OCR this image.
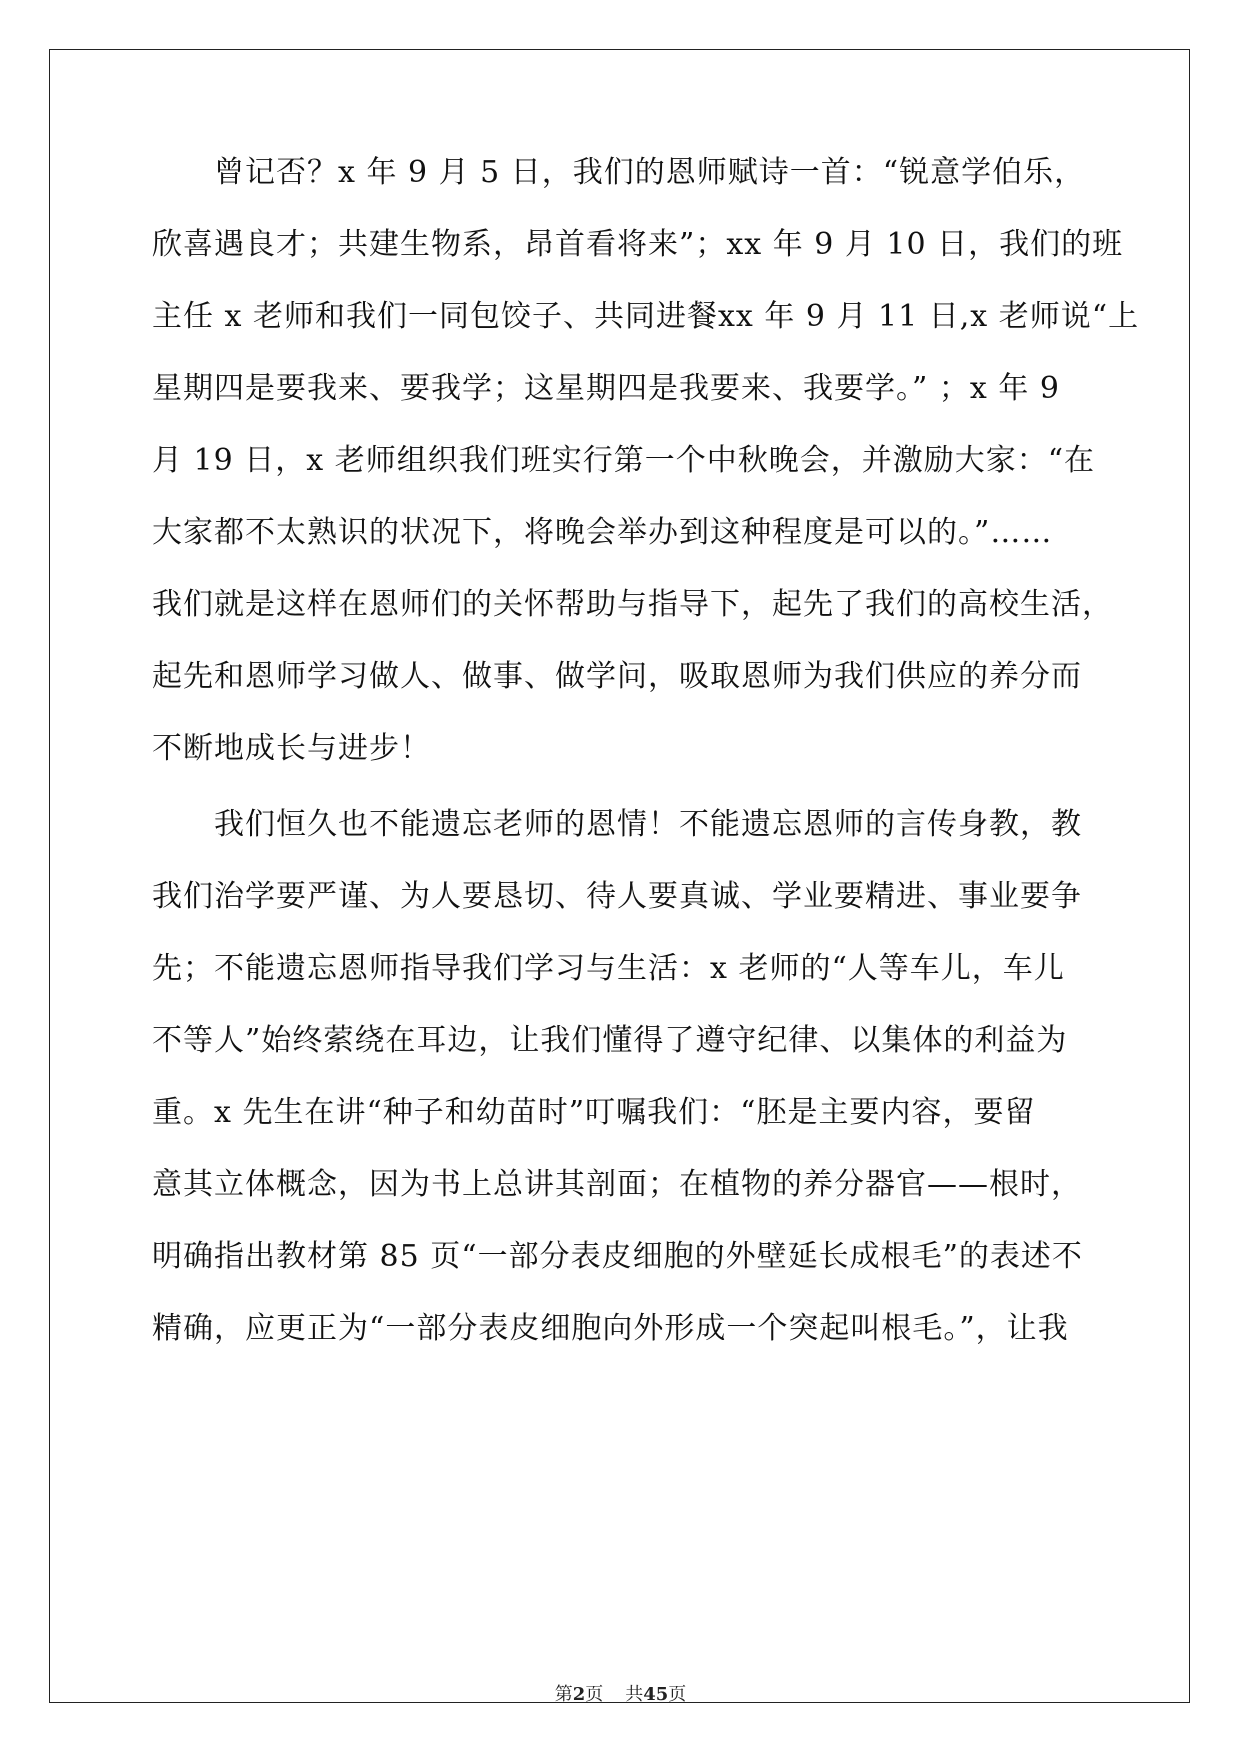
曾记否？x 年 9 月 5 日，我们的恩师赋诗一首：“锐意学伯乐，
欣喜遇良才；共建生物系，昂首看将来”；xx 年 9 月 10 日，我们的班
主任 x 老师和我们一同包饺子、共同进餐xx 年 9 月 11 日,x 老师说“上
星期四是要我来、要我学；这星期四是我要来、我要学。” ；x 年 9
月 19 日，x 老师组织我们班实行第一个中秋晚会，并激励大家：“在
大家都不太熟识的状况下，将晚会举办到这种程度是可以的。”……
我们就是这样在恩师们的关怀帮助与指导下，起先了我们的高校生活，
起先和恩师学习做人、做事、做学问，吸取恩师为我们供应的养分而
不断地成长与进步！
我们恒久也不能遗忘老师的恩情！不能遗忘恩师的言传身教，教
我们治学要严谨、为人要恳切、待人要真诚、学业要精进、事业要争
先；不能遗忘恩师指导我们学习与生活：x 老师的“人等车儿，车儿
不等人”始终萦绕在耳边，让我们懂得了遵守纪律、以集体的利益为
重。x 先生在讲“种子和幼苗时”叮嘱我们：“胚是主要内容，要留
意其立体概念，因为书上总讲其剖面；在植物的养分器官——根时，
明确指出教材第 85 页“一部分表皮细胞的外壁延长成根毛”的表述不
精确，应更正为“一部分表皮细胞向外形成一个突起叫根毛。”，让我
第2页 共45页
